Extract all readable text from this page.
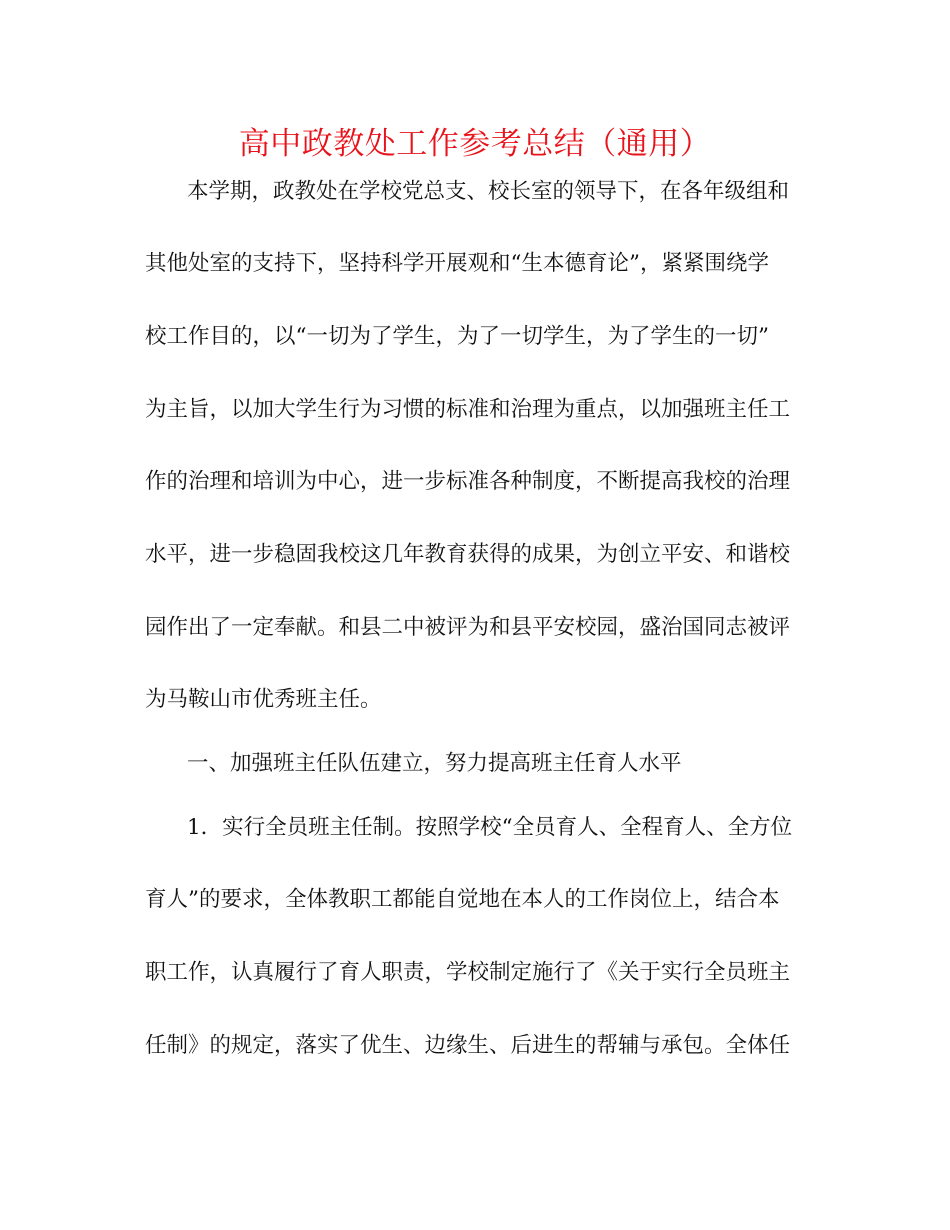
高中政教处工作参考总结（通用）
本学期，政教处在学校党总支、校长室的领导下，在各年级组和
其他处室的支持下，坚持科学开展观和“生本德育论”，紧紧围绕学
校工作目的，以“一切为了学生，为了一切学生，为了学生的一切”
为主旨，以加大学生行为习惯的标准和治理为重点，以加强班主任工
作的治理和培训为中心，进一步标准各种制度，不断提高我校的治理
水平，进一步稳固我校这几年教育获得的成果，为创立平安、和谐校
园作出了一定奉献。和县二中被评为和县平安校园，盛治国同志被评
为马鞍山市优秀班主任。
一、加强班主任队伍建立，努力提高班主任育人水平
1．实行全员班主任制。按照学校“全员育人、全程育人、全方位
育人”的要求，全体教职工都能自觉地在本人的工作岗位上，结合本
职工作，认真履行了育人职责，学校制定施行了《关于实行全员班主
任制》的规定，落实了优生、边缘生、后进生的帮辅与承包。全体任
